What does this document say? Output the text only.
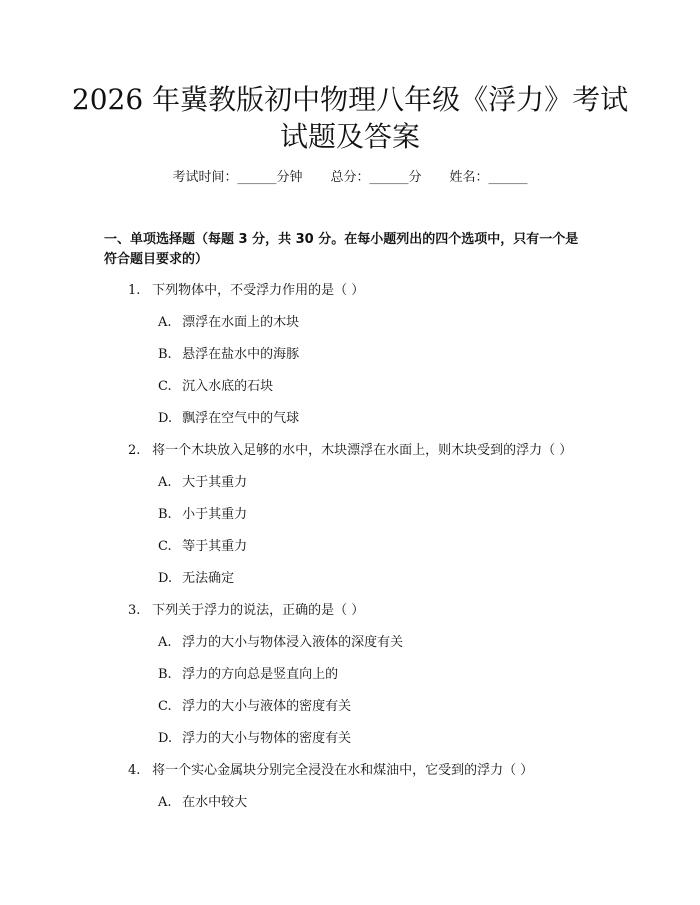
2026 年冀教版初中物理八年级《浮力》考试
试题及答案
考试时间：______分钟 总分：______分 姓名：______
一、单项选择题（每题 3 分，共 30 分。在每小题列出的四个选项中，只有一个是
符合题目要求的）
1. 下列物体中，不受浮力作用的是（ ）
A. 漂浮在水面上的木块
B. 悬浮在盐水中的海豚
C. 沉入水底的石块
D. 飘浮在空气中的气球
2. 将一个木块放入足够的水中，木块漂浮在水面上，则木块受到的浮力（ ）
A. 大于其重力
B. 小于其重力
C. 等于其重力
D. 无法确定
3. 下列关于浮力的说法，正确的是（ ）
A. 浮力的大小与物体浸入液体的深度有关
B. 浮力的方向总是竖直向上的
C. 浮力的大小与液体的密度有关
D. 浮力的大小与物体的密度有关
4. 将一个实心金属块分别完全浸没在水和煤油中，它受到的浮力（ ）
A. 在水中较大
